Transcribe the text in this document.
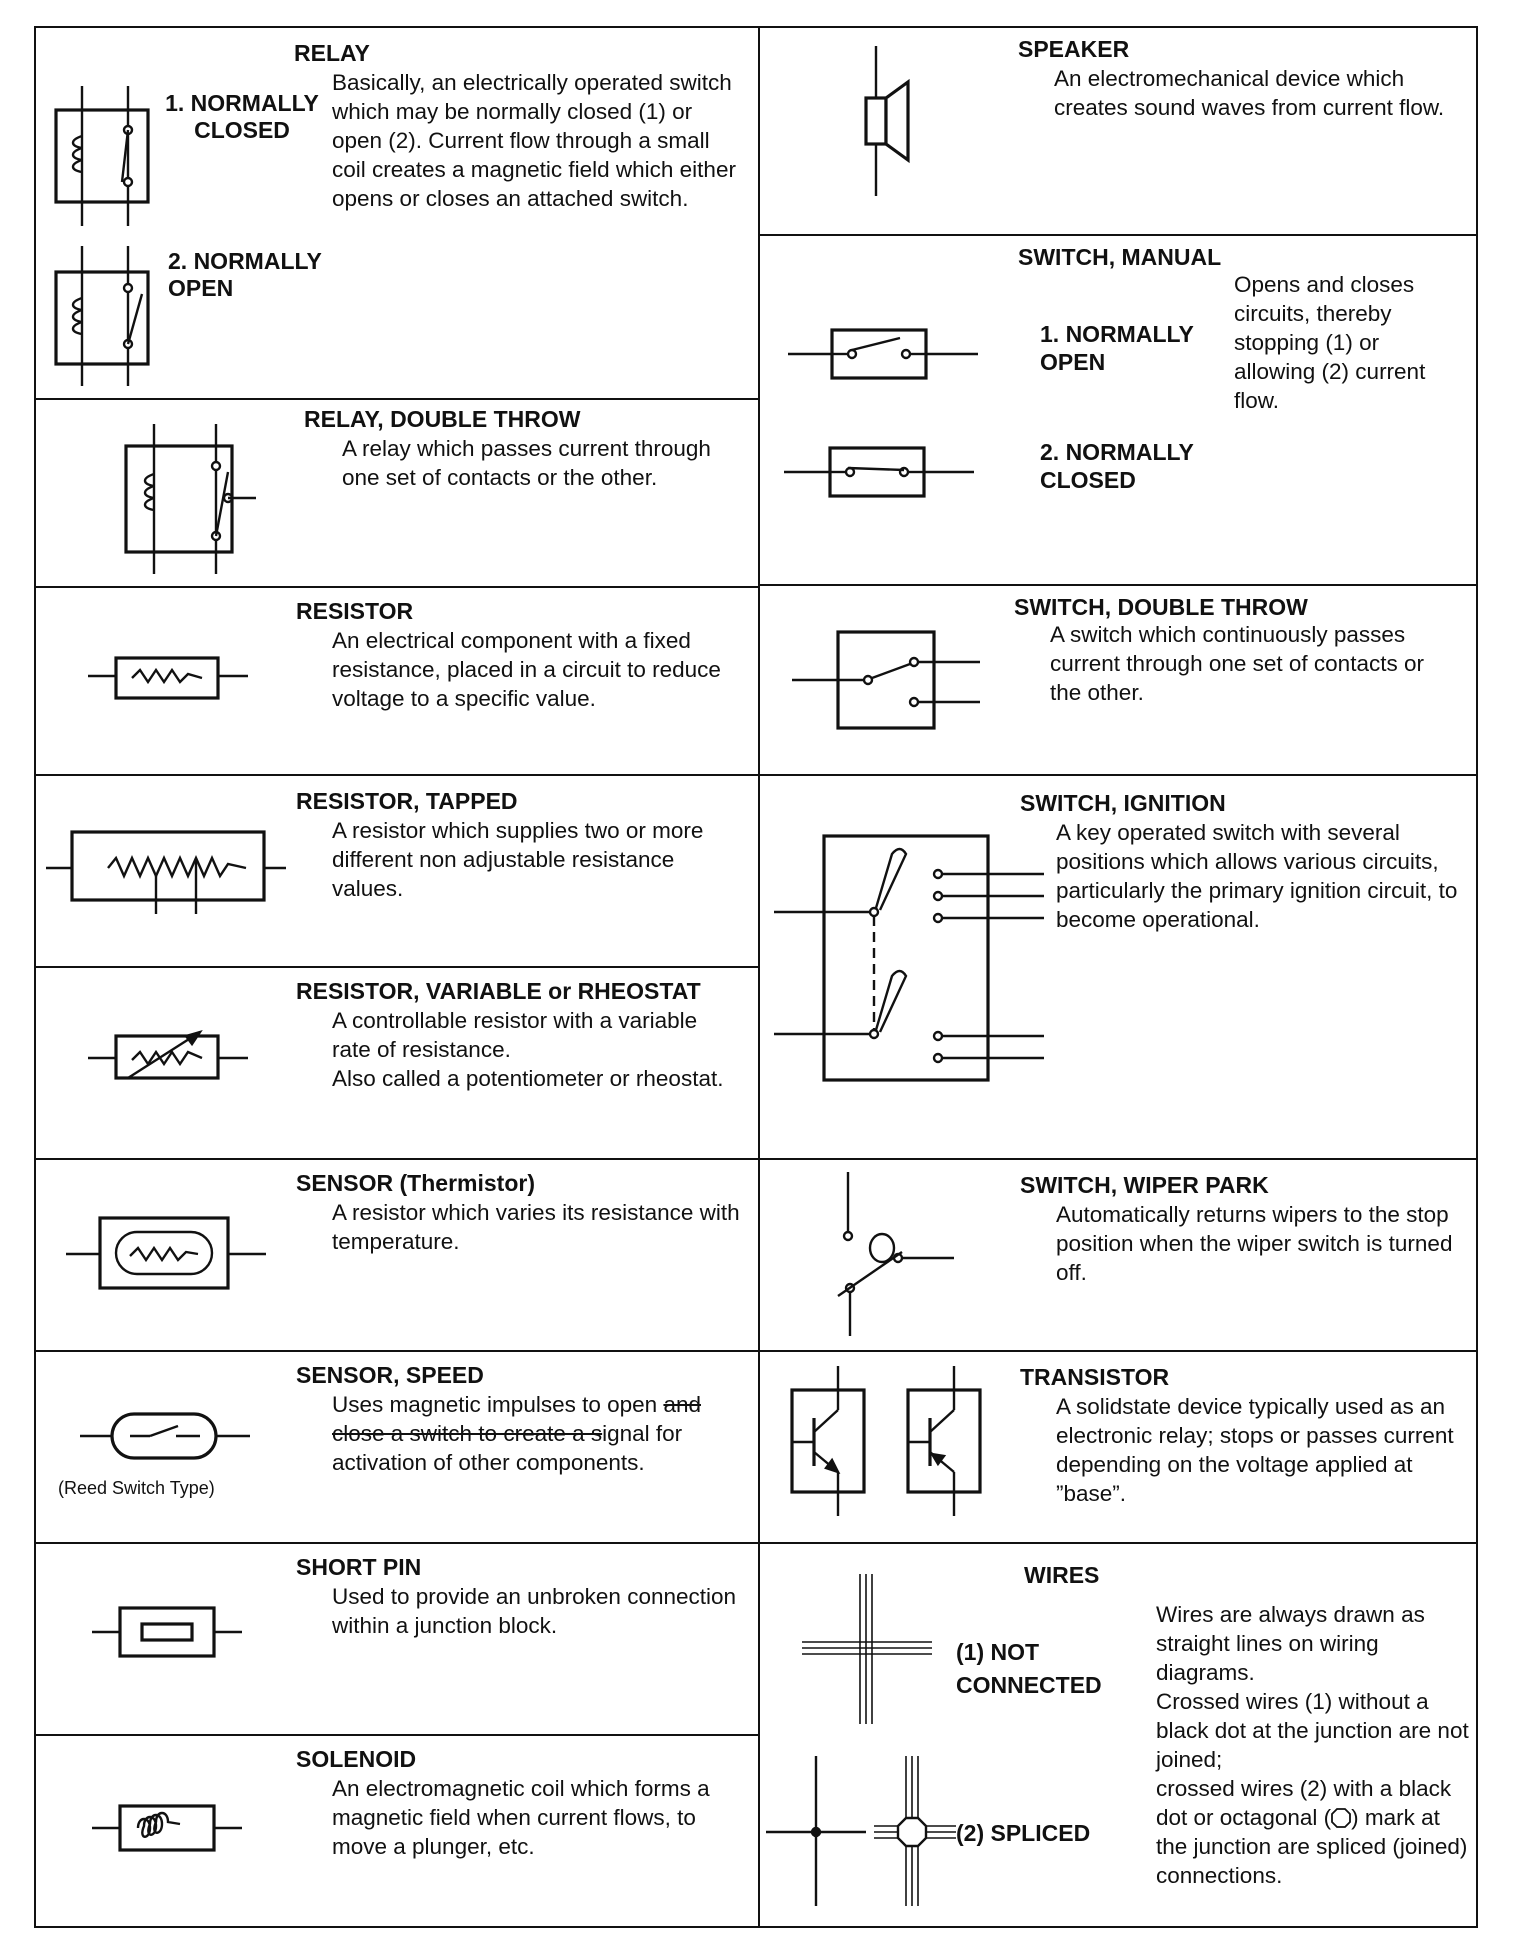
1. NORMALLY
CLOSED
2. NORMALLY
OPEN
RELAY
Basically, an electrically operated switch which may be normally closed (1) or open (2). Current flow through a small coil creates a magnetic field which either opens or closes an attached switch.
RELAY, DOUBLE THROW
A relay which passes current through one set of contacts or the other.
RESISTOR
An electrical component with a fixed resistance, placed in a circuit to reduce voltage to a specific value.
RESISTOR, TAPPED
A resistor which supplies two or more different non adjustable resistance values.
RESISTOR, VARIABLE or RHEOSTAT
A controllable resistor with a variable rate of resistance.
Also called a potentiometer or rheostat.
SENSOR (Thermistor)
A resistor which varies its resistance with temperature.
(Reed Switch Type)
SENSOR, SPEED
Uses magnetic impulses to open and close a switch to create a signal for activation of other components.
SHORT PIN
Used to provide an unbroken connection within a junction block.
SOLENOID
An electromagnetic coil which forms a magnetic field when current flows, to move a plunger, etc.
SPEAKER
An electromechanical device which creates sound waves from current flow.
1. NORMALLY
OPEN
2. NORMALLY
CLOSED
SWITCH, MANUAL
Opens and closes circuits, thereby stopping (1) or allowing (2) current flow.
SWITCH, DOUBLE THROW
A switch which continuously passes current through one set of contacts or the other.
SWITCH, IGNITION
A key operated switch with several positions which allows various circuits, particularly the primary ignition circuit, to become operational.
SWITCH, WIPER PARK
Automatically returns wipers to the stop position when the wiper switch is turned off.
TRANSISTOR
A solidstate device typically used as an electronic relay; stops or passes current depending on the voltage applied at ”base”.
(1) NOT
CONNECTED
(2) SPLICED
WIRES
Wires are always drawn as straight lines on wiring diagrams.
Crossed wires (1) without a black dot at the junction are not joined;
crossed wires (2) with a black dot or octagonal ( ) mark at the junction are spliced (joined) connections.
